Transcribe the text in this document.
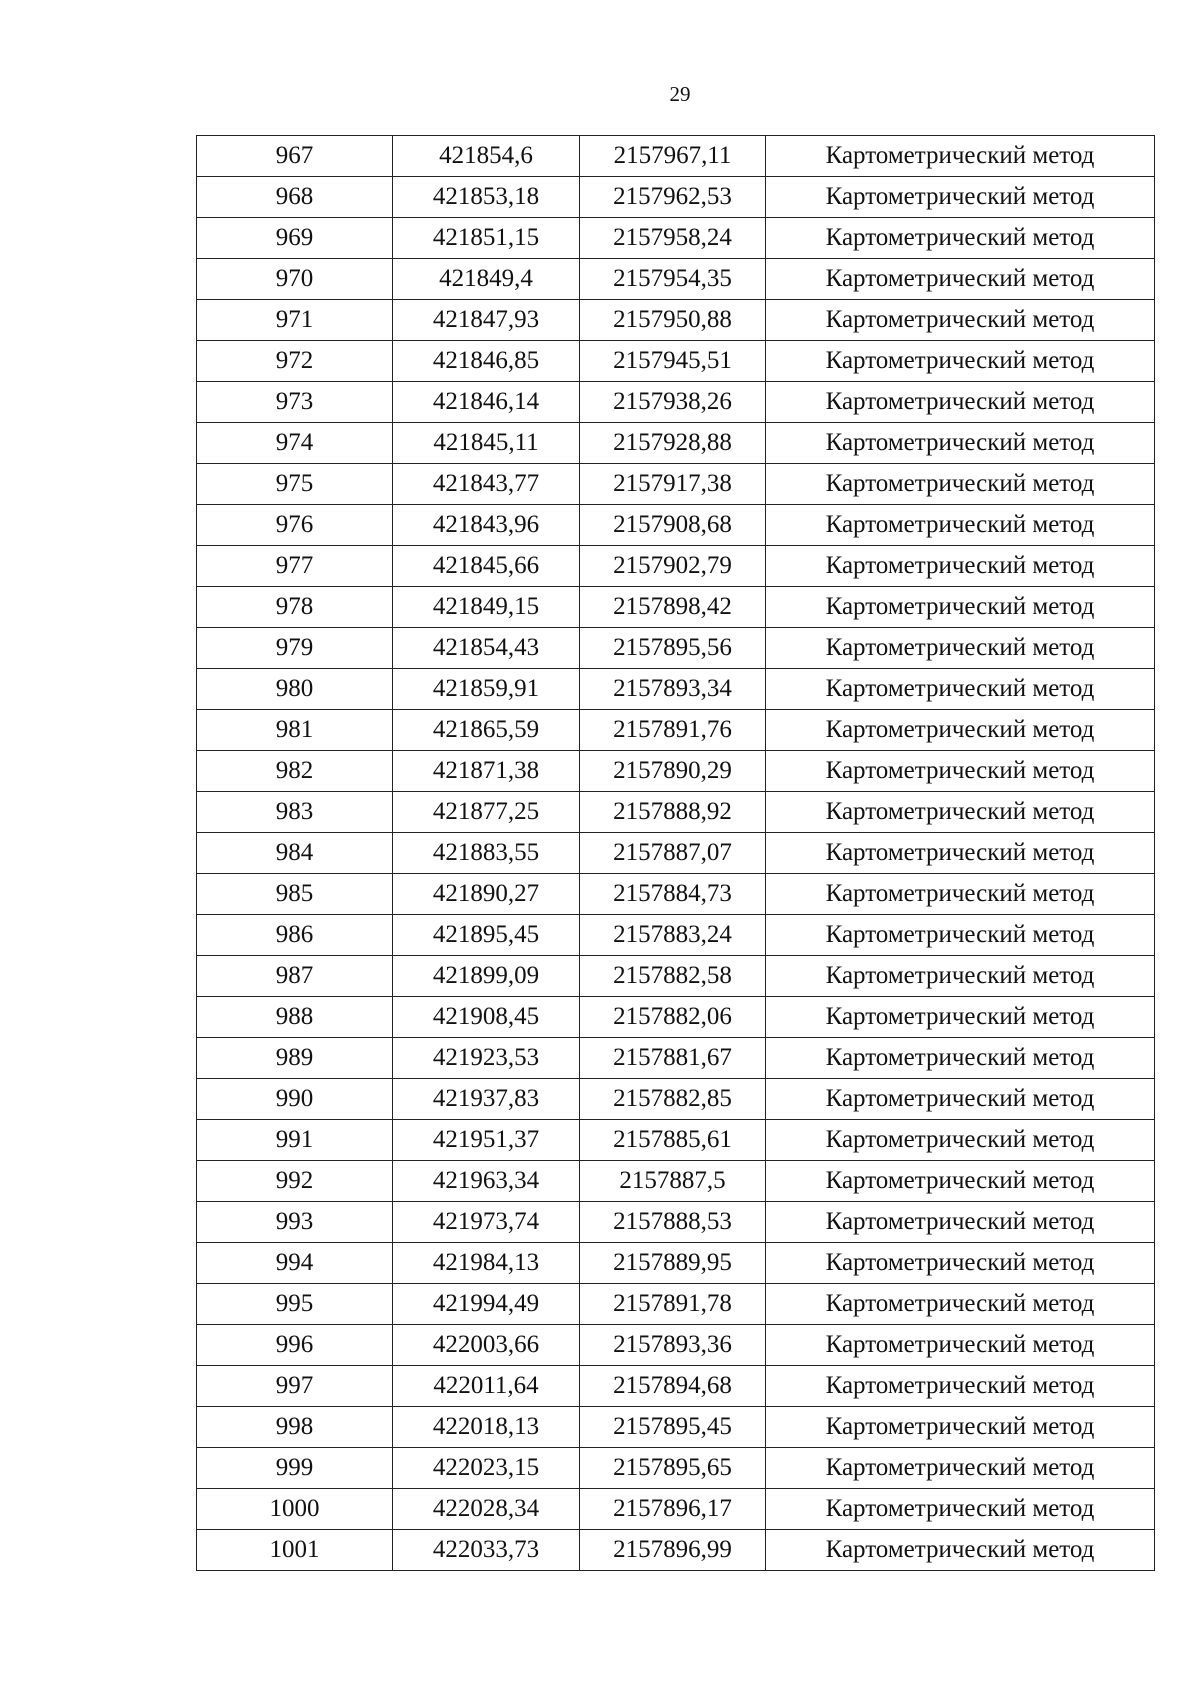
29
967	421854,6	2157967,11	Картометрический метод
968	421853,18	2157962,53	Картометрический метод
969	421851,15	2157958,24	Картометрический метод
970	421849,4	2157954,35	Картометрический метод
971	421847,93	2157950,88	Картометрический метод
972	421846,85	2157945,51	Картометрический метод
973	421846,14	2157938,26	Картометрический метод
974	421845,11	2157928,88	Картометрический метод
975	421843,77	2157917,38	Картометрический метод
976	421843,96	2157908,68	Картометрический метод
977	421845,66	2157902,79	Картометрический метод
978	421849,15	2157898,42	Картометрический метод
979	421854,43	2157895,56	Картометрический метод
980	421859,91	2157893,34	Картометрический метод
981	421865,59	2157891,76	Картометрический метод
982	421871,38	2157890,29	Картометрический метод
983	421877,25	2157888,92	Картометрический метод
984	421883,55	2157887,07	Картометрический метод
985	421890,27	2157884,73	Картометрический метод
986	421895,45	2157883,24	Картометрический метод
987	421899,09	2157882,58	Картометрический метод
988	421908,45	2157882,06	Картометрический метод
989	421923,53	2157881,67	Картометрический метод
990	421937,83	2157882,85	Картометрический метод
991	421951,37	2157885,61	Картометрический метод
992	421963,34	2157887,5	Картометрический метод
993	421973,74	2157888,53	Картометрический метод
994	421984,13	2157889,95	Картометрический метод
995	421994,49	2157891,78	Картометрический метод
996	422003,66	2157893,36	Картометрический метод
997	422011,64	2157894,68	Картометрический метод
998	422018,13	2157895,45	Картометрический метод
999	422023,15	2157895,65	Картометрический метод
1000	422028,34	2157896,17	Картометрический метод
1001	422033,73	2157896,99	Картометрический метод
